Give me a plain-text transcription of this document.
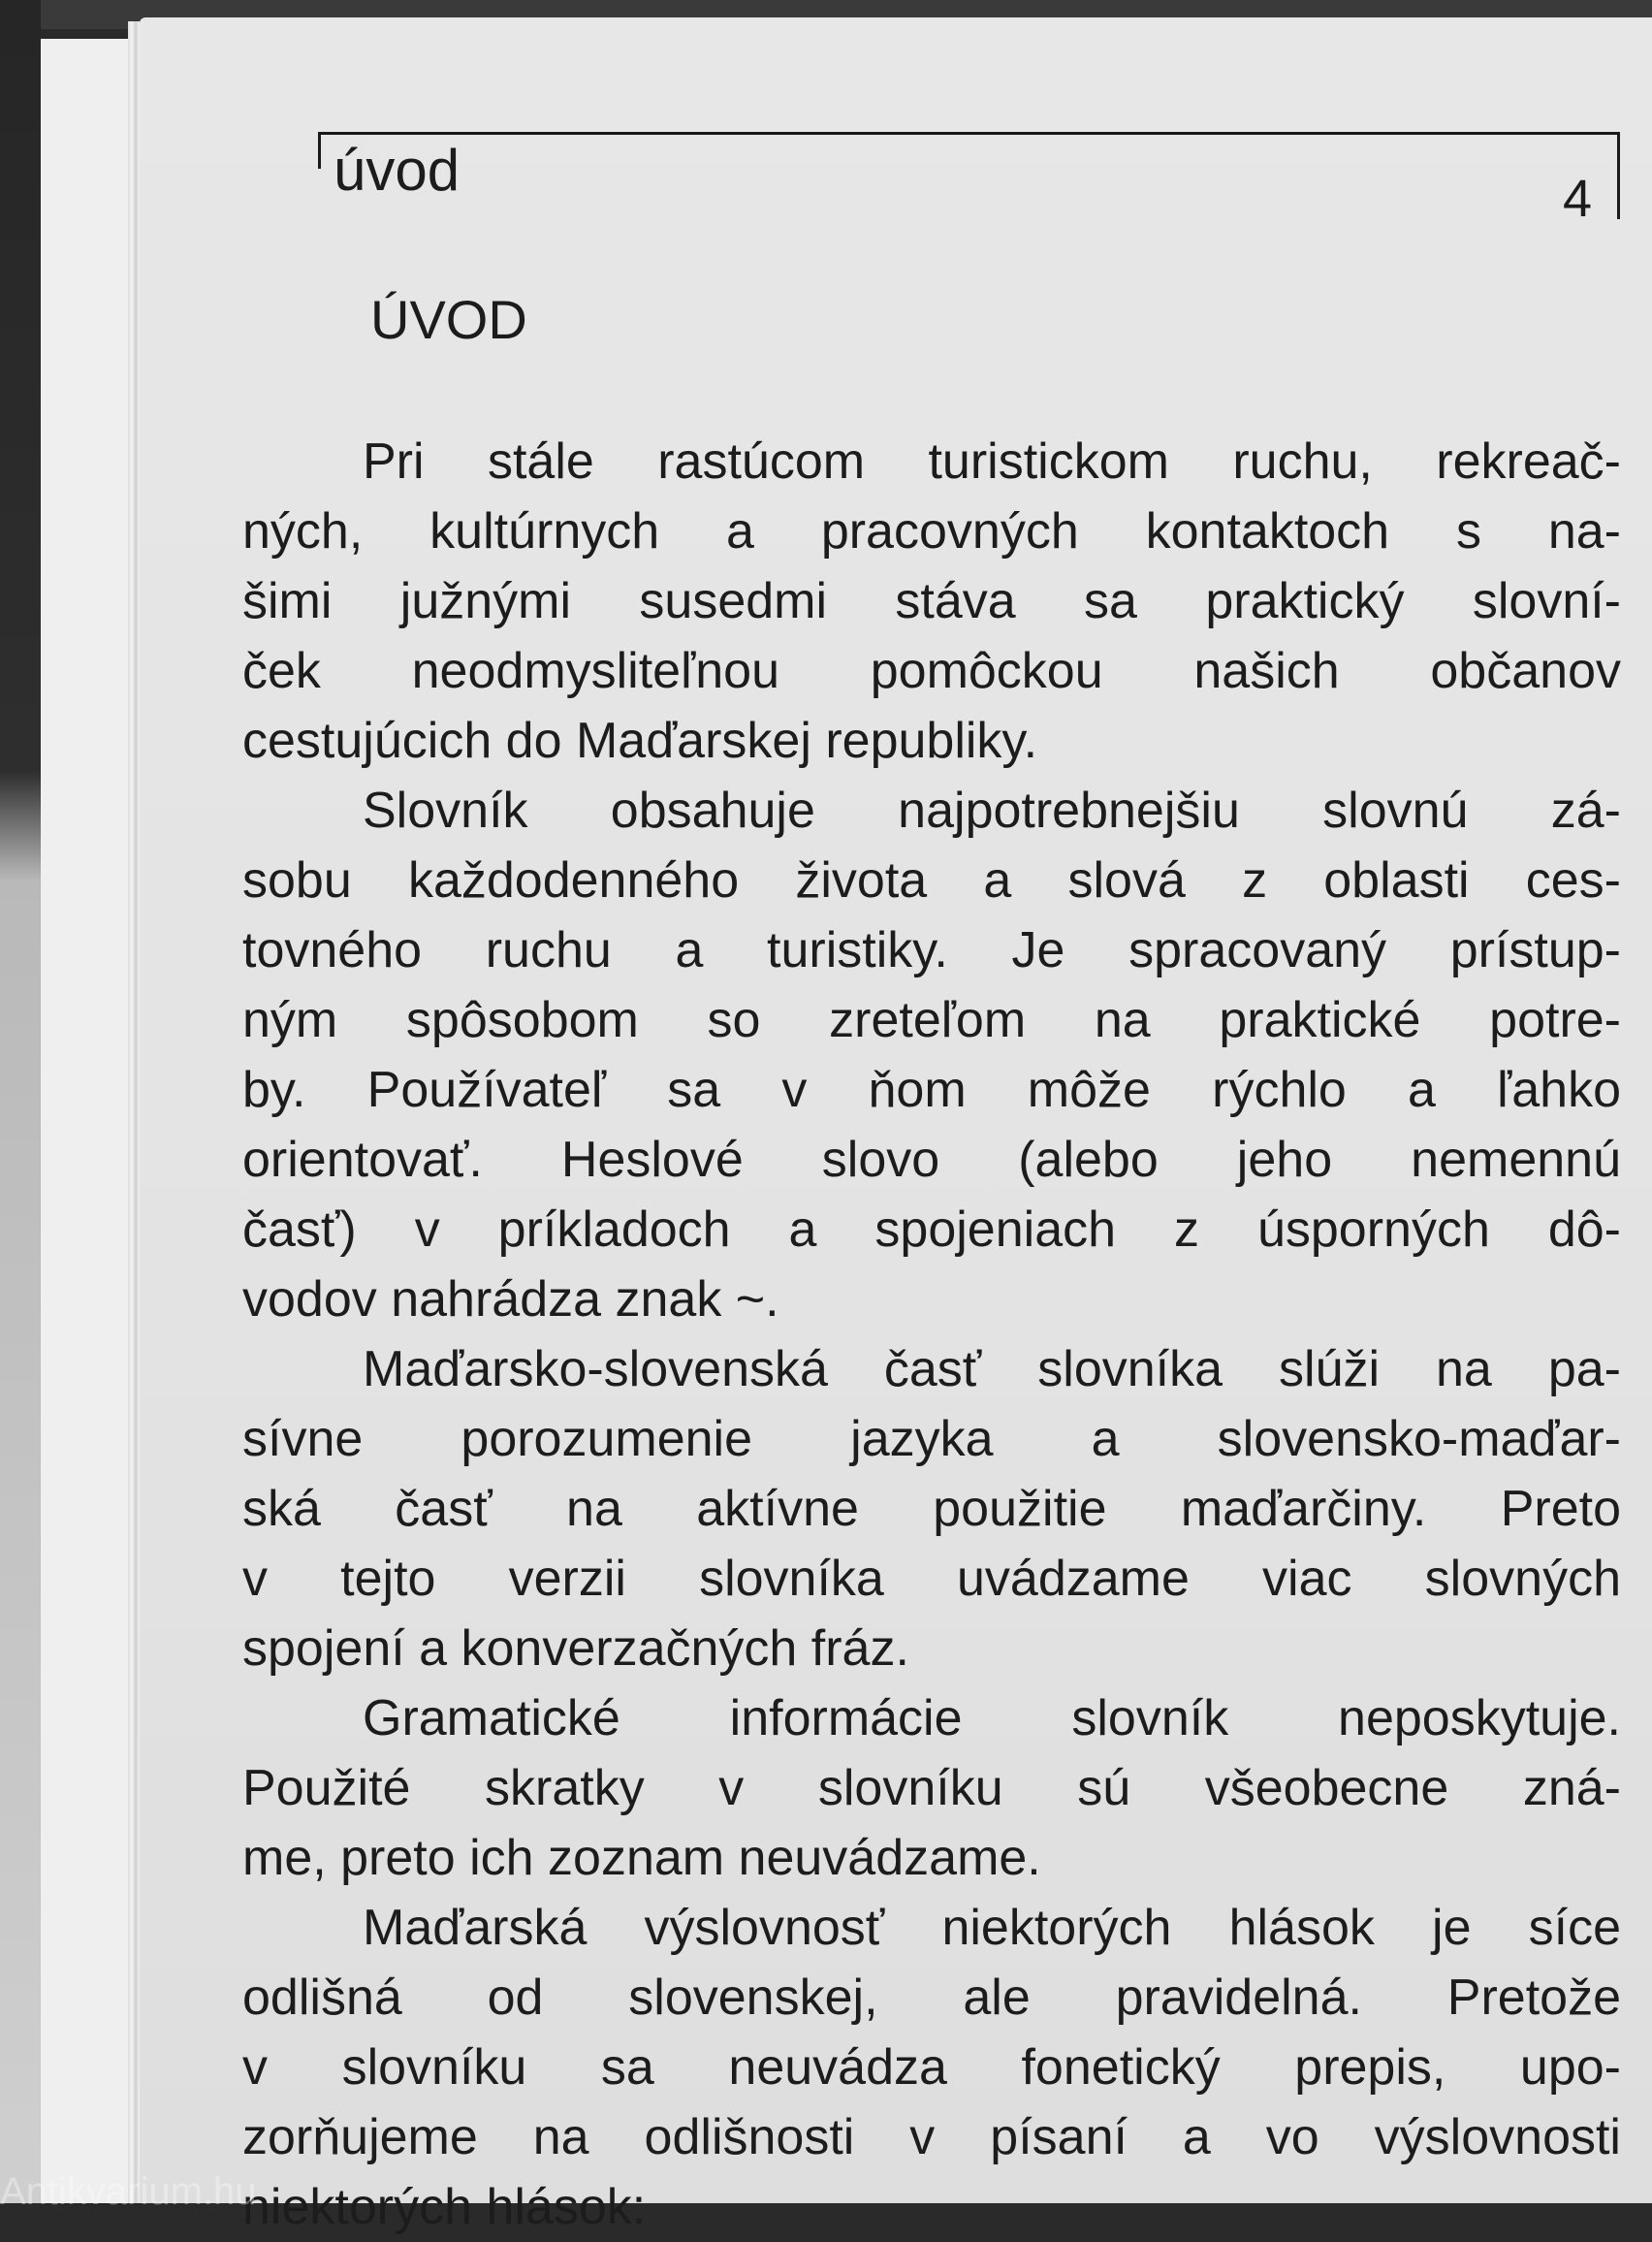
úvod	4
ÚVOD

Pri stále rastúcom turistickom ruchu, rekreač-
ných, kultúrnych a pracovných kontaktoch s na-
šimi južnými susedmi stáva sa praktický slovní-
ček neodmysliteľnou pomôckou našich občanov
cestujúcich do Maďarskej republiky.

Slovník obsahuje najpotrebnejšiu slovnú zá-
sobu každodenného života a slová z oblasti ces-
tovného ruchu a turistiky. Je spracovaný prístup-
ným spôsobom so zreteľom na praktické potre-
by. Používateľ sa v ňom môže rýchlo a ľahko
orientovať. Heslové slovo (alebo jeho nemennú
časť) v príkladoch a spojeniach z úsporných dô-
vodov nahrádza znak ~.

Maďarsko-slovenská časť slovníka slúži na pa-
sívne porozumenie jazyka a slovensko-maďar-
ská časť na aktívne použitie maďarčiny. Preto
v tejto verzii slovníka uvádzame viac slovných
spojení a konverzačných fráz.

Gramatické informácie slovník neposkytuje.
Použité skratky v slovníku sú všeobecne zná-
me, preto ich zoznam neuvádzame.

Maďarská výslovnosť niektorých hlások je síce
odlišná od slovenskej, ale pravidelná. Pretože
v slovníku sa neuvádza fonetický prepis, upo-
zorňujeme na odlišnosti v písaní a vo výslovnosti
niektorých hlások:

Antikvarium.hu
